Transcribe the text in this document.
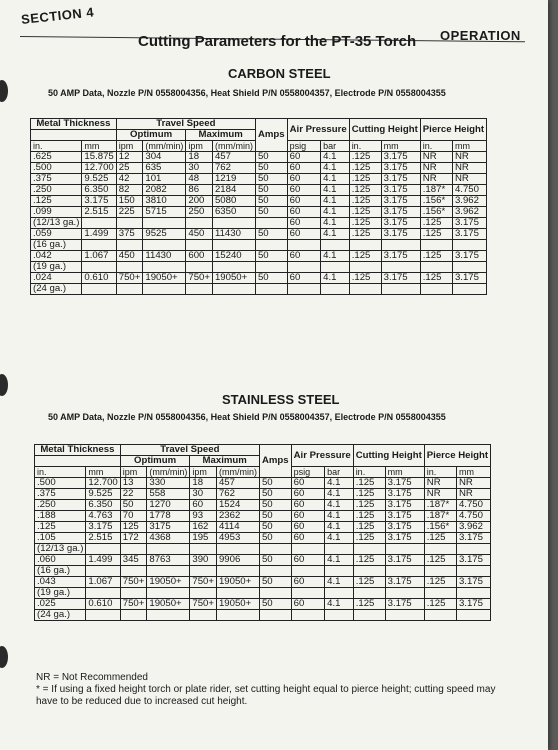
SECTION 4
OPERATION
Cutting Parameters for the PT-35 Torch
CARBON STEEL
50 AMP Data, Nozzle P/N 0558004356, Heat Shield P/N 0558004357, Electrode P/N 0558004355
Metal Thickness		Travel Speed				Amps	Air Pressure		Cutting Height		Pierce Height	
		Optimum		Maximum								
in.	mm	ipm	(mm/min)	ipm	(mm/min)		psig	bar	in.	mm	in.	mm
.625	15.875	12	304	18	457	50	60	4.1	.125	3.175	NR	NR
.500	12.700	25	635	30	762	50	60	4.1	.125	3.175	NR	NR
.375	9.525	42	101	48	1219	50	60	4.1	.125	3.175	NR	NR
.250	6.350	82	2082	86	2184	50	60	4.1	.125	3.175	.187*	4.750
.125	3.175	150	3810	200	5080	50	60	4.1	.125	3.175	.156*	3.962
.099	2.515	225	5715	250	6350	50	60	4.1	.125	3.175	.156*	3.962
(12/13 ga.)							60	4.1	.125	3.175	.125	3.175
.059	1.499	375	9525	450	11430	50	60	4.1	.125	3.175	.125	3.175
(16 ga.)												
.042	1.067	450	11430	600	15240	50	60	4.1	.125	3.175	.125	3.175
(19 ga.)												
.024	0.610	750+	19050+	750+	19050+	50	60	4.1	.125	3.175	.125	3.175
(24 ga.)												
STAINLESS STEEL
50 AMP Data, Nozzle P/N 0558004356, Heat Shield P/N 0558004357, Electrode P/N 0558004355
Metal Thickness		Travel Speed				Amps	Air Pressure		Cutting Height		Pierce Height	
		Optimum		Maximum								
in.	mm	ipm	(mm/min)	ipm	(mm/min)		psig	bar	in.	mm	in.	mm
.500	12.700	13	330	18	457	50	60	4.1	.125	3.175	NR	NR
.375	9.525	22	558	30	762	50	60	4.1	.125	3.175	NR	NR
.250	6.350	50	1270	60	1524	50	60	4.1	.125	3.175	.187*	4.750
.188	4.763	70	1778	93	2362	50	60	4.1	.125	3.175	.187*	4.750
.125	3.175	125	3175	162	4114	50	60	4.1	.125	3.175	.156*	3.962
.105	2.515	172	4368	195	4953	50	60	4.1	.125	3.175	.125	3.175
(12/13 ga.)												
.060	1.499	345	8763	390	9906	50	60	4.1	.125	3.175	.125	3.175
(16 ga.)												
.043	1.067	750+	19050+	750+	19050+	50	60	4.1	.125	3.175	.125	3.175
(19 ga.)												
.025	0.610	750+	19050+	750+	19050+	50	60	4.1	.125	3.175	.125	3.175
(24 ga.)												
NR = Not Recommended
* = If using a fixed height torch or plate rider, set cutting height equal to pierce height; cutting speed may have to be reduced due to increased cut height.
